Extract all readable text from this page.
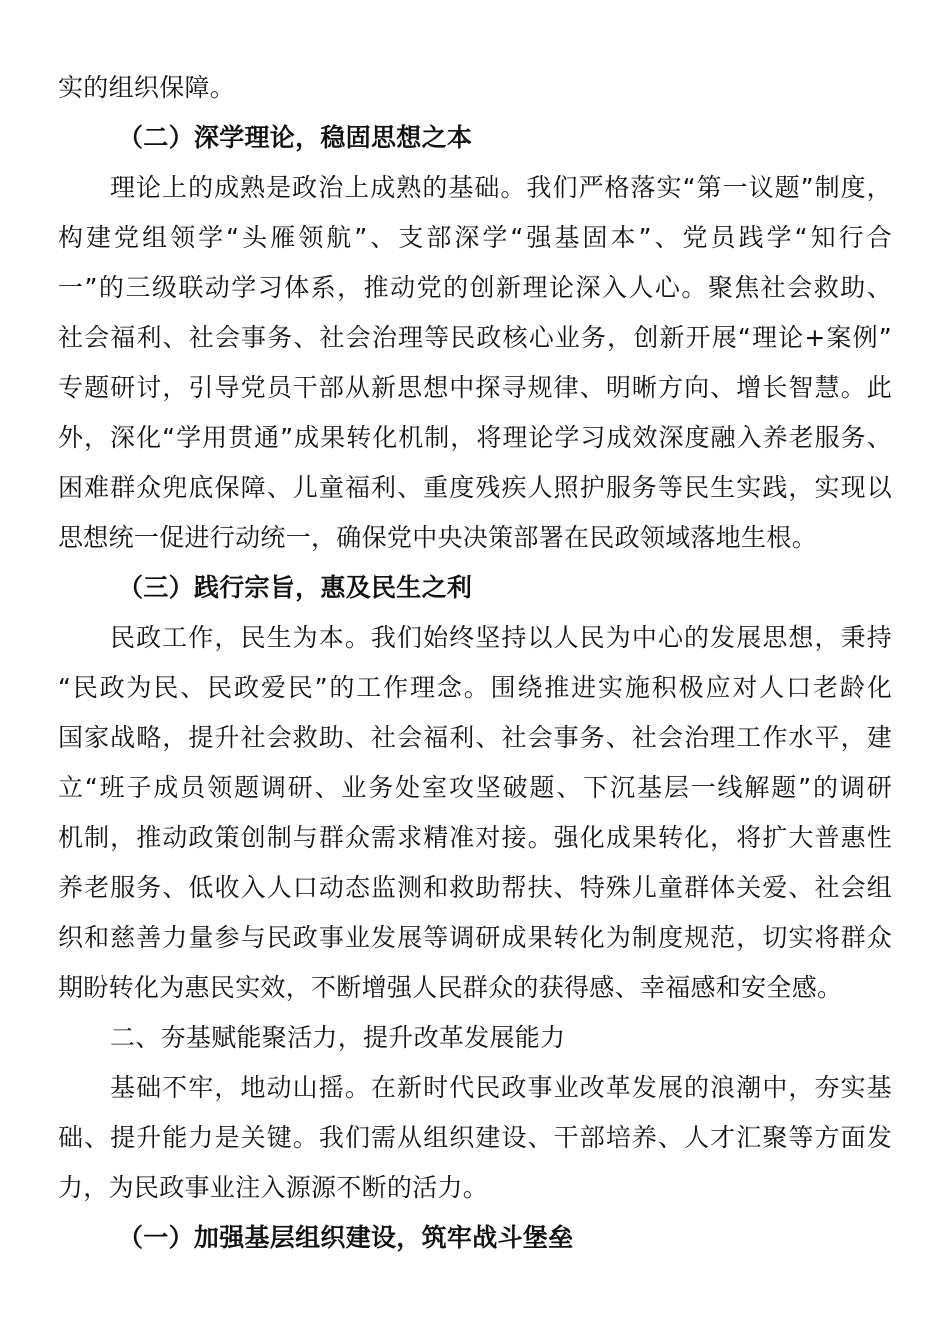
实的组织保障。
（二）深学理论，稳固思想之本
理论上的成熟是政治上成熟的基础。我们严格落实“第一议题”制度，
构建党组领学“头雁领航”、支部深学“强基固本”、党员践学“知行合
一”的三级联动学习体系，推动党的创新理论深入人心。聚焦社会救助、
社会福利、社会事务、社会治理等民政核心业务，创新开展“理论+案例”
专题研讨，引导党员干部从新思想中探寻规律、明晰方向、增长智慧。此
外，深化“学用贯通”成果转化机制，将理论学习成效深度融入养老服务、
困难群众兜底保障、儿童福利、重度残疾人照护服务等民生实践，实现以
思想统一促进行动统一，确保党中央决策部署在民政领域落地生根。
（三）践行宗旨，惠及民生之利
民政工作，民生为本。我们始终坚持以人民为中心的发展思想，秉持
“民政为民、民政爱民”的工作理念。围绕推进实施积极应对人口老龄化
国家战略，提升社会救助、社会福利、社会事务、社会治理工作水平，建
立“班子成员领题调研、业务处室攻坚破题、下沉基层一线解题”的调研
机制，推动政策创制与群众需求精准对接。强化成果转化，将扩大普惠性
养老服务、低收入人口动态监测和救助帮扶、特殊儿童群体关爱、社会组
织和慈善力量参与民政事业发展等调研成果转化为制度规范，切实将群众
期盼转化为惠民实效，不断增强人民群众的获得感、幸福感和安全感。
二、夯基赋能聚活力，提升改革发展能力
基础不牢，地动山摇。在新时代民政事业改革发展的浪潮中，夯实基
础、提升能力是关键。我们需从组织建设、干部培养、人才汇聚等方面发
力，为民政事业注入源源不断的活力。
（一）加强基层组织建设，筑牢战斗堡垒
